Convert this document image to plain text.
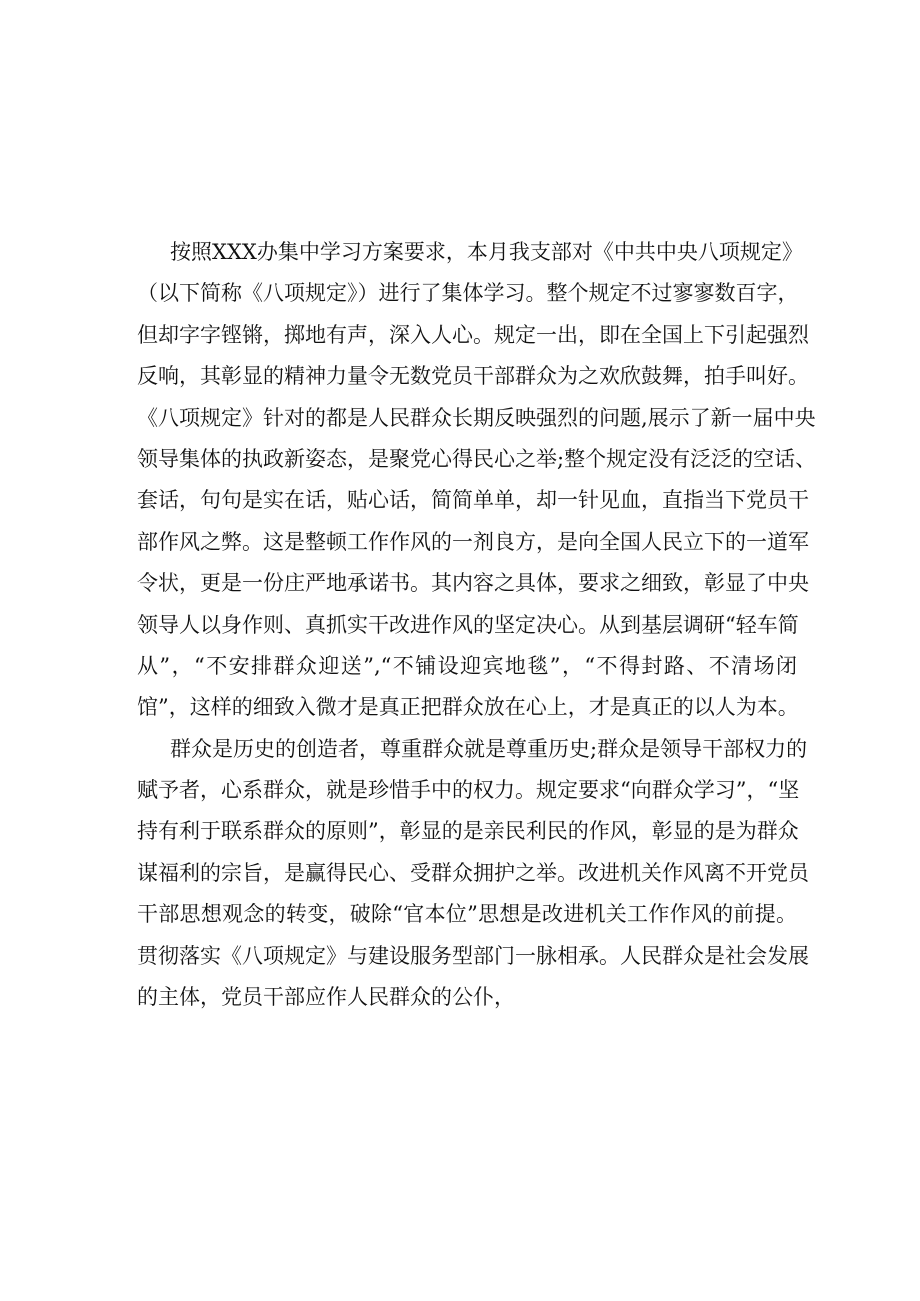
按照XXX办集中学习方案要求，本月我支部对《中共中央八项规定》
（以下简称《八项规定》）进行了集体学习。整个规定不过寥寥数百字，
但却字字铿锵，掷地有声，深入人心。规定一出，即在全国上下引起强烈
反响，其彰显的精神力量令无数党员干部群众为之欢欣鼓舞，拍手叫好。
《八项规定》针对的都是人民群众长期反映强烈的问题,展示了新一届中央
领导集体的执政新姿态，是聚党心得民心之举;整个规定没有泛泛的空话、
套话，句句是实在话，贴心话，简简单单，却一针见血，直指当下党员干
部作风之弊。这是整顿工作作风的一剂良方，是向全国人民立下的一道军
令状，更是一份庄严地承诺书。其内容之具体，要求之细致，彰显了中央
领导人以身作则、真抓实干改进作风的坚定决心。从到基层调研“轻车简
从”，“不安排群众迎送”,“不铺设迎宾地毯”，“不得封路、不清场闭
馆”，这样的细致入微才是真正把群众放在心上，才是真正的以人为本。
群众是历史的创造者，尊重群众就是尊重历史;群众是领导干部权力的
赋予者，心系群众，就是珍惜手中的权力。规定要求“向群众学习”，“坚
持有利于联系群众的原则”，彰显的是亲民利民的作风，彰显的是为群众
谋福利的宗旨，是赢得民心、受群众拥护之举。改进机关作风离不开党员
干部思想观念的转变，破除“官本位”思想是改进机关工作作风的前提。
贯彻落实《八项规定》与建设服务型部门一脉相承。人民群众是社会发展
的主体，党员干部应作人民群众的公仆，
